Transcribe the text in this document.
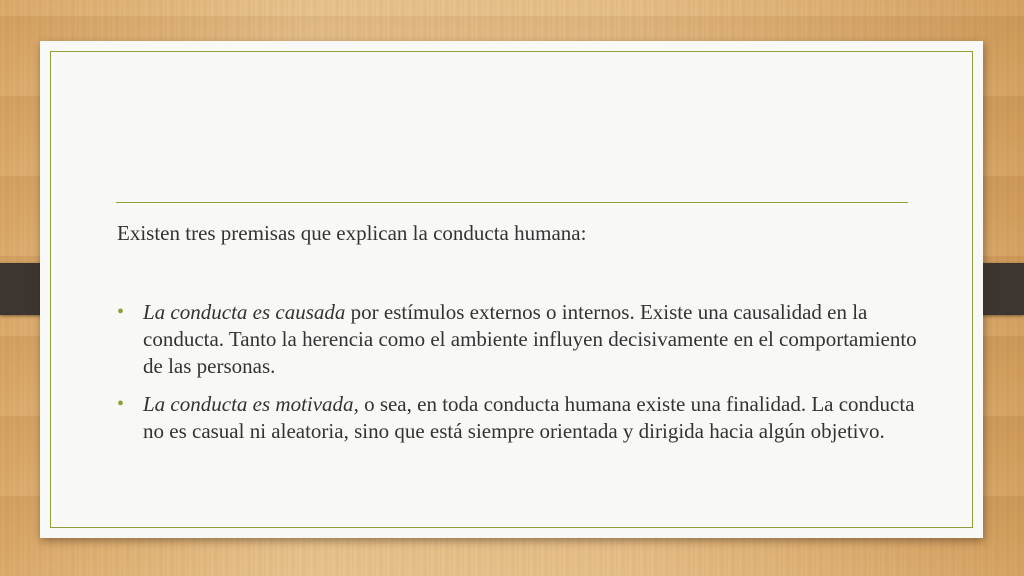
Existen tres premisas que explican la conducta humana:

• La conducta es causada por estímulos externos o internos. Existe una causalidad en la conducta. Tanto la herencia como el ambiente influyen decisivamente en el comportamiento de las personas.
• La conducta es motivada, o sea, en toda conducta humana existe una finalidad. La conducta no es casual ni aleatoria, sino que está siempre orientada y dirigida hacia algún objetivo.
